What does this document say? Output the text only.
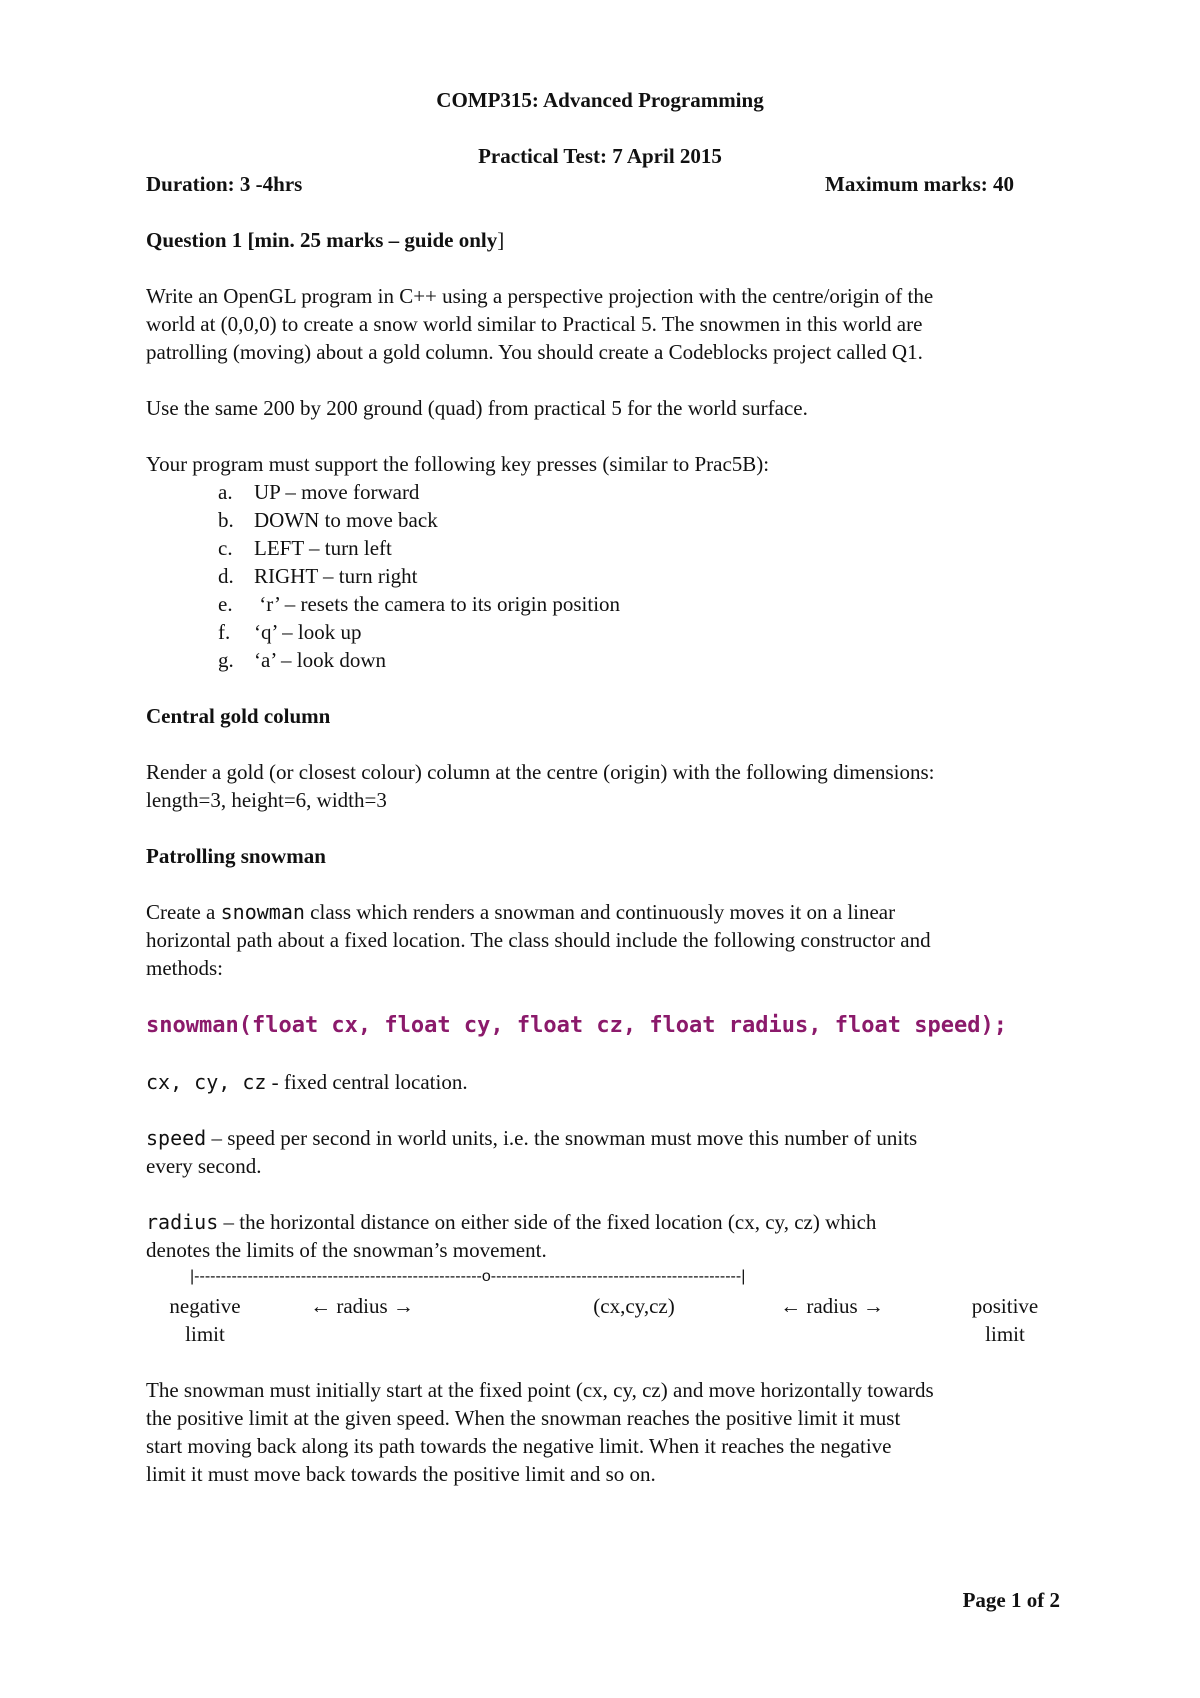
COMP315: Advanced Programming
Practical Test: 7 April 2015
Duration: 3 -4hrs	Maximum marks: 40
Question 1 [min. 25 marks – guide only]
Write an OpenGL program in C++ using a perspective projection with the centre/origin of the
world at (0,0,0) to create a snow world similar to Practical 5. The snowmen in this world are
patrolling (moving) about a gold column. You should create a Codeblocks project called Q1.
Use the same 200 by 200 ground (quad) from practical 5 for the world surface.
Your program must support the following key presses (similar to Prac5B):
a.	UP – move forward
b. DOWN to move back
c.	LEFT – turn left
d. RIGHT – turn right
e.	‘r’ – resets the camera to its origin position
f.	‘q’ – look up
g. ‘a’ – look down
Central gold column
Render a gold (or closest colour) column at the centre (origin) with the following dimensions:
length=3, height=6, width=3
Patrolling snowman
Create a snowman class which renders a snowman and continuously moves it on a linear
horizontal path about a fixed location. The class should include the following constructor and
methods:
snowman(float cx, float cy, float cz, float radius, float speed);
cx, cy, cz - fixed central location.
speed – speed per second in world units, i.e. the snowman must move this number of units
every second.
radius – the horizontal distance on either side of the fixed location (cx, cy, cz) which
denotes the limits of the snowman’s movement.
|------------------------------------------------------o-----------------------------------------------|
negative
limit
← radius →	(cx,cy,cz)	← radius →	positive
limit
The snowman must initially start at the fixed point (cx, cy, cz) and move horizontally towards
the positive limit at the given speed. When the snowman reaches the positive limit it must
start moving back along its path towards the negative limit. When it reaches the negative
limit it must move back towards the positive limit and so on.
Page 1 of 2
